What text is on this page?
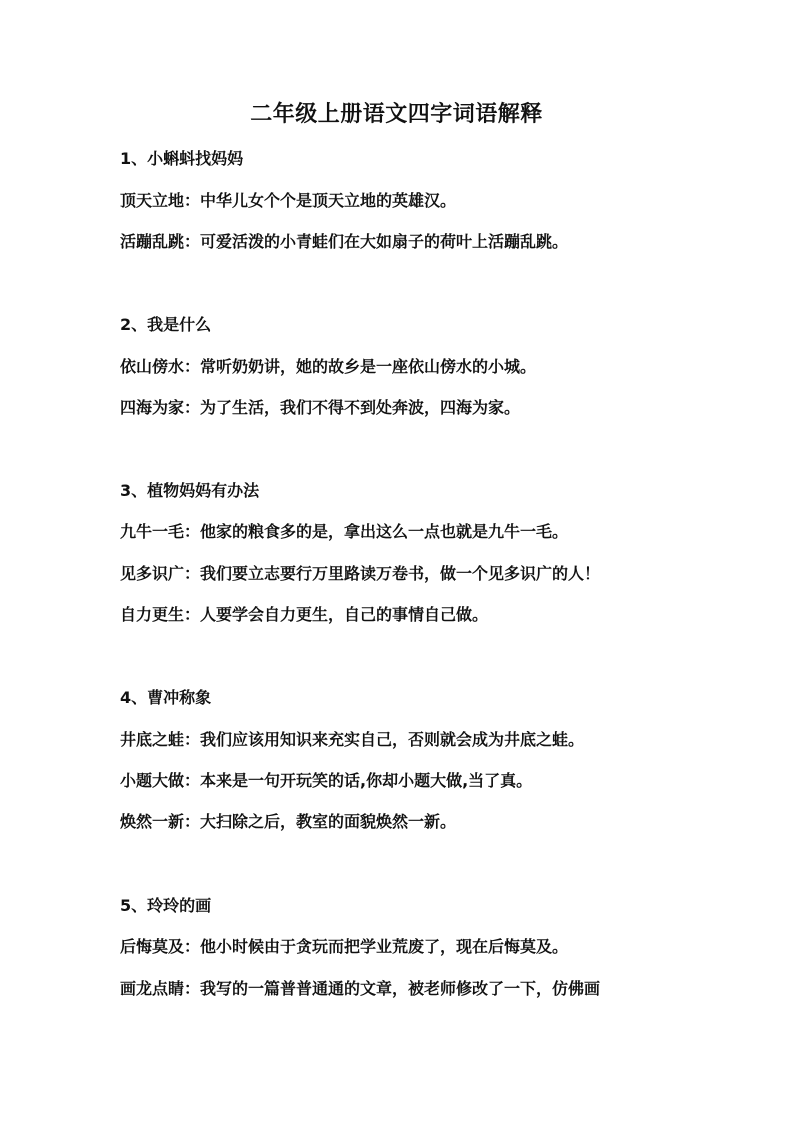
二年级上册语文四字词语解释
1、小蝌蚪找妈妈
顶天立地：中华儿女个个是顶天立地的英雄汉。
活蹦乱跳：可爱活泼的小青蛙们在大如扇子的荷叶上活蹦乱跳。
2、我是什么
依山傍水：常听奶奶讲，她的故乡是一座依山傍水的小城。
四海为家：为了生活，我们不得不到处奔波，四海为家。
3、植物妈妈有办法
九牛一毛：他家的粮食多的是，拿出这么一点也就是九牛一毛。
见多识广：我们要立志要行万里路读万卷书，做一个见多识广的人！
自力更生：人要学会自力更生，自己的事情自己做。
4、曹冲称象
井底之蛙：我们应该用知识来充实自己，否则就会成为井底之蛙。
小题大做：本来是一句开玩笑的话,你却小题大做,当了真。
焕然一新：大扫除之后，教室的面貌焕然一新。
5、玲玲的画
后悔莫及：他小时候由于贪玩而把学业荒废了，现在后悔莫及。
画龙点睛：我写的一篇普普通通的文章，被老师修改了一下，仿佛画
